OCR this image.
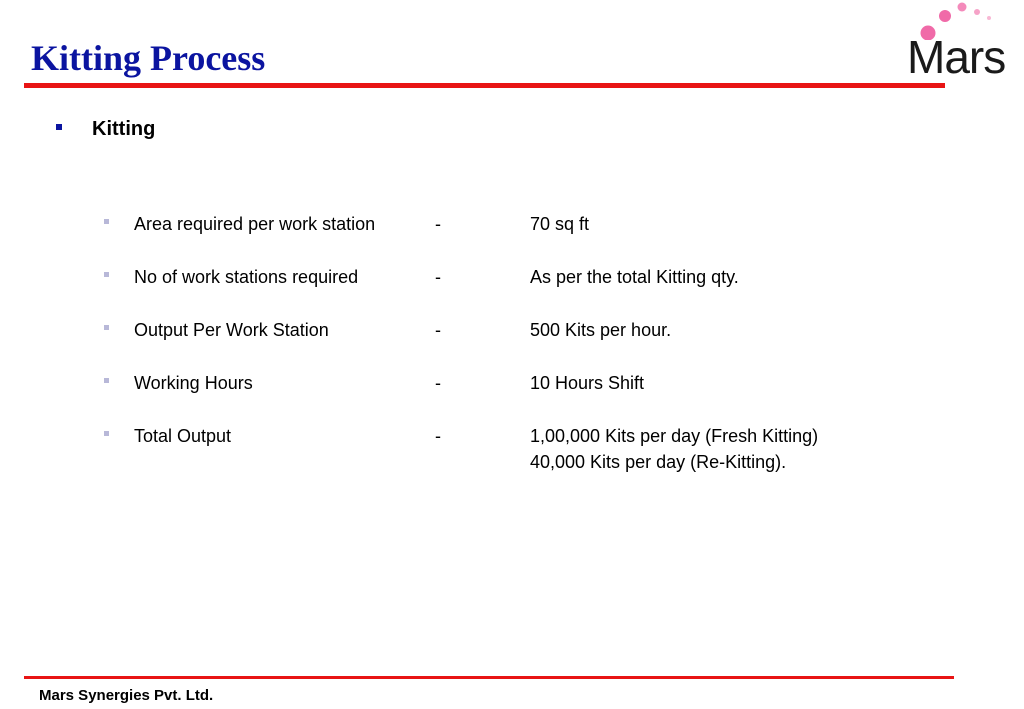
Kitting Process	Mars
Kitting
Area required per work station	-	70 sq ft
No of work stations required	-	As per the total Kitting qty.
Output Per Work Station	-	500 Kits per hour.
Working Hours	-	10 Hours Shift
Total Output	-	1,00,000 Kits per day (Fresh Kitting)
40,000 Kits per day (Re-Kitting).
Mars Synergies Pvt. Ltd.
